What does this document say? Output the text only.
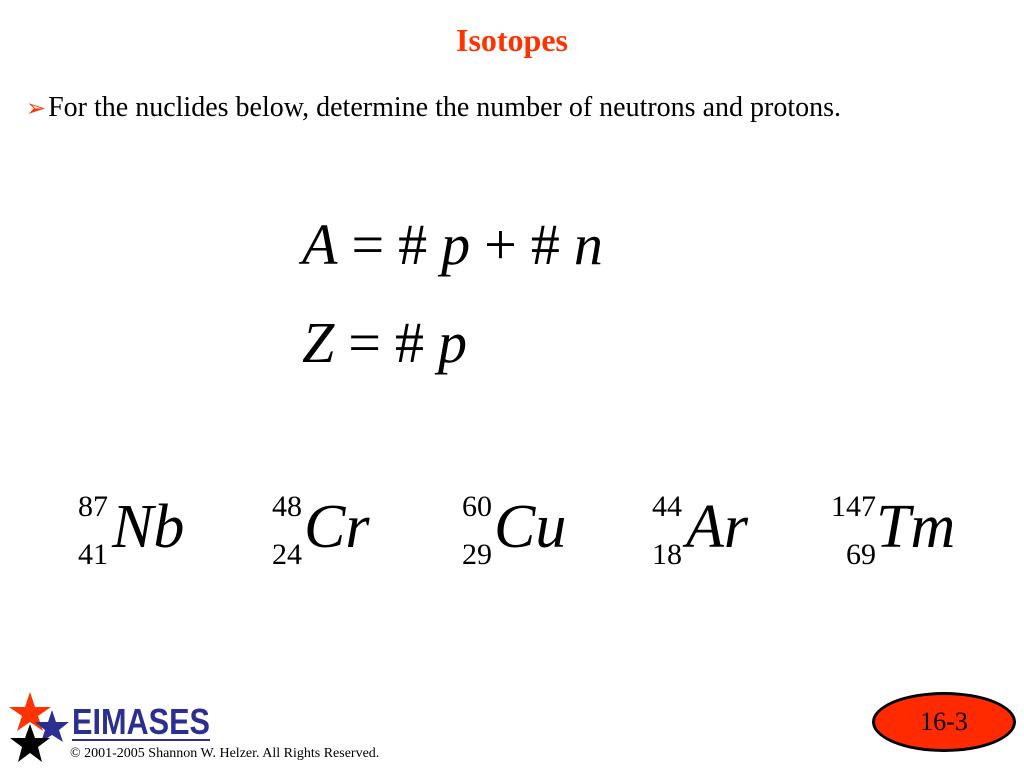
Isotopes
➢For the nuclides below, determine the number of neutrons and protons.
A = # p + # n
Z = # p
87
41 Nb	48
24 Cr	60
29 Cu	44
18 Ar	147
69 Tm
EIMASES
© 2001-2005 Shannon W. Helzer. All Rights Reserved.
16-3
